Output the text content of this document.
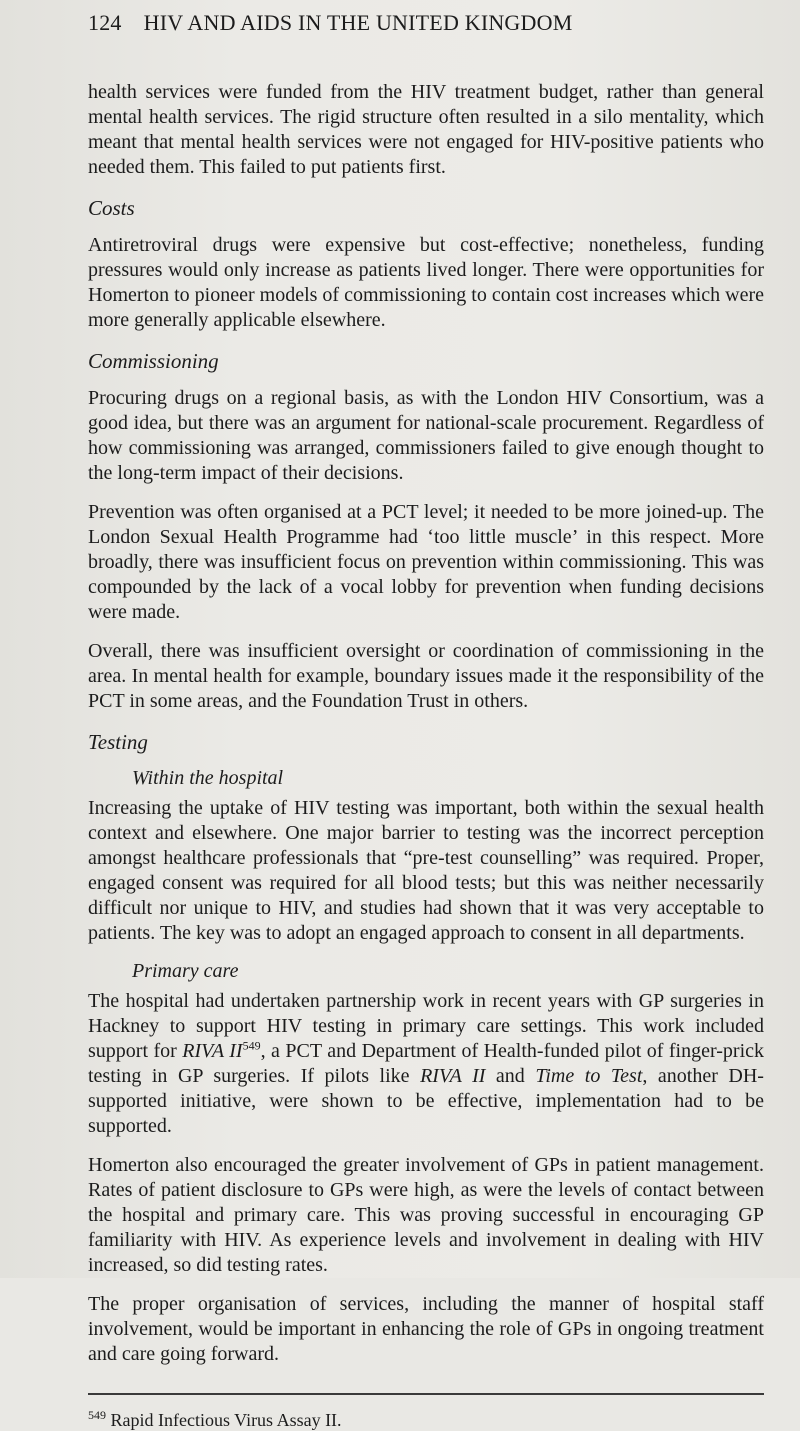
124 HIV AND AIDS IN THE UNITED KINGDOM

health services were funded from the HIV treatment budget, rather than general mental health services. The rigid structure often resulted in a silo mentality, which meant that mental health services were not engaged for HIV-positive patients who needed them. This failed to put patients first.

Costs

Antiretroviral drugs were expensive but cost-effective; nonetheless, funding pressures would only increase as patients lived longer. There were opportunities for Homerton to pioneer models of commissioning to contain cost increases which were more generally applicable elsewhere.

Commissioning

Procuring drugs on a regional basis, as with the London HIV Consortium, was a good idea, but there was an argument for national-scale procurement. Regardless of how commissioning was arranged, commissioners failed to give enough thought to the long-term impact of their decisions.

Prevention was often organised at a PCT level; it needed to be more joined-up. The London Sexual Health Programme had ‘too little muscle’ in this respect. More broadly, there was insufficient focus on prevention within commissioning. This was compounded by the lack of a vocal lobby for prevention when funding decisions were made.

Overall, there was insufficient oversight or coordination of commissioning in the area. In mental health for example, boundary issues made it the responsibility of the PCT in some areas, and the Foundation Trust in others.

Testing
Within the hospital

Increasing the uptake of HIV testing was important, both within the sexual health context and elsewhere. One major barrier to testing was the incorrect perception amongst healthcare professionals that “pre-test counselling” was required. Proper, engaged consent was required for all blood tests; but this was neither necessarily difficult nor unique to HIV, and studies had shown that it was very acceptable to patients. The key was to adopt an engaged approach to consent in all departments.

Primary care

The hospital had undertaken partnership work in recent years with GP surgeries in Hackney to support HIV testing in primary care settings. This work included support for RIVA II$^{549}$, a PCT and Department of Health-funded pilot of finger-prick testing in GP surgeries. If pilots like RIVA II and Time to Test, another DH-supported initiative, were shown to be effective, implementation had to be supported.

Homerton also encouraged the greater involvement of GPs in patient management. Rates of patient disclosure to GPs were high, as were the levels of contact between the hospital and primary care. This was proving successful in encouraging GP familiarity with HIV. As experience levels and involvement in dealing with HIV increased, so did testing rates.

The proper organisation of services, including the manner of hospital staff involvement, would be important in enhancing the role of GPs in ongoing treatment and care going forward.

$^{549}$ Rapid Infectious Virus Assay II.
